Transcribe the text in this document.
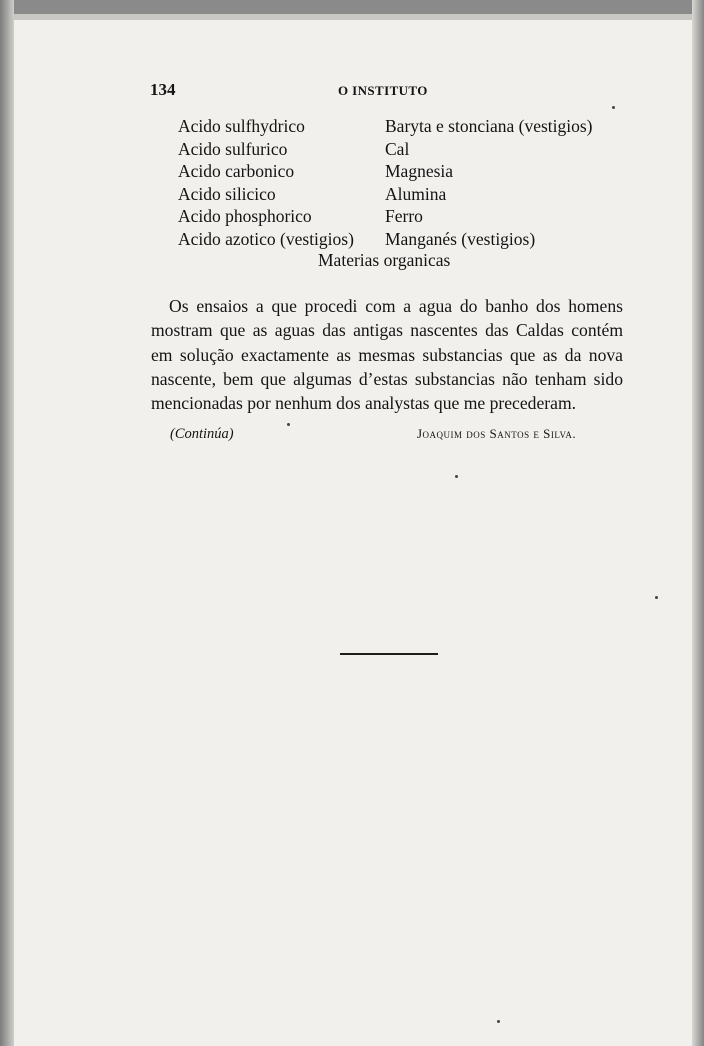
134	O INSTITUTO
Acido sulfhydrico
Acido sulfurico
Acido carbonico
Acido silicico
Acido phosphorico
Acido azotico (vestigios)
Baryta e stonciana (vestigios)
Cal
Magnesia
Alumina
Ferro
Manganés (vestigios)
Materias organicas
Os ensaios a que procedi com a agua do banho dos homens
mostram que as aguas das antigas nascentes das Caldas contém
em solução exactamente as mesmas substancias que as da nova
nascente, bem que algumas d’estas substancias não tenham sido
mencionadas por nenhum dos analystas que me precederam.
(Continúa)	Joaquim dos Santos e Silva.
